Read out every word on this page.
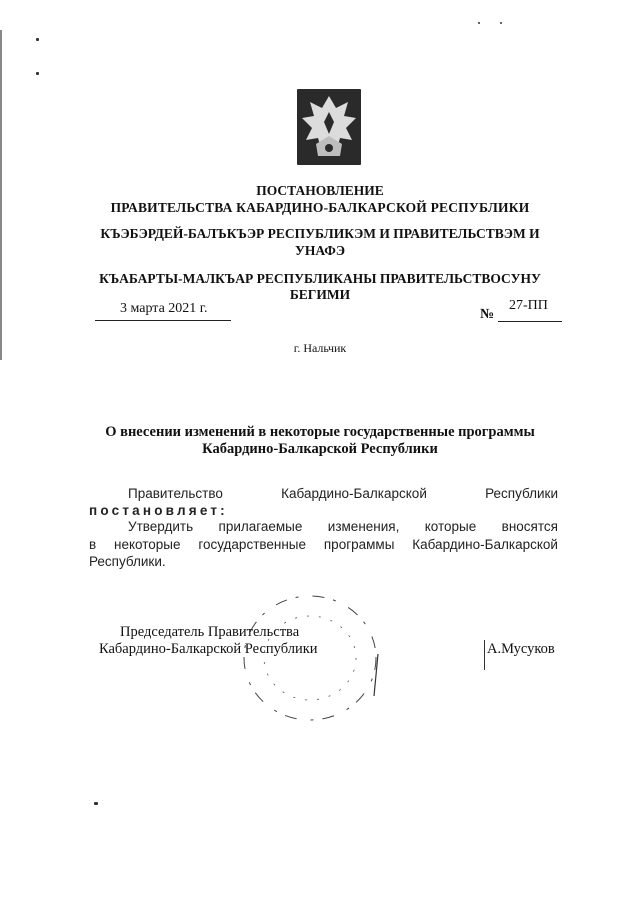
ПОСТАНОВЛЕНИЕ
ПРАВИТЕЛЬСТВА КАБАРДИНО-БАЛКАРСКОЙ РЕСПУБЛИКИ
КЪЭБЭРДЕЙ-БАЛЪКЪЭР РЕСПУБЛИКЭМ И ПРАВИТЕЛЬСТВЭМ И
УНАФЭ
КЪАБАРТЫ-МАЛКЪАР РЕСПУБЛИКАНЫ ПРАВИТЕЛЬСТВОСУНУ
БЕГИМИ
3 марта 2021 г.	№
27-ПП
г. Нальчик
О внесении изменений в некоторые государственные программы
Кабардино-Балкарской Республики
Правительство	Кабардино-Балкарской	Республики
постановляет:
Утвердить прилагаемые изменения, которые вносятся
в некоторые государственные программы Кабардино-Балкарской
Республики.
Председатель Правительства
Кабардино-Балкарской Республики	А.Мусуков
